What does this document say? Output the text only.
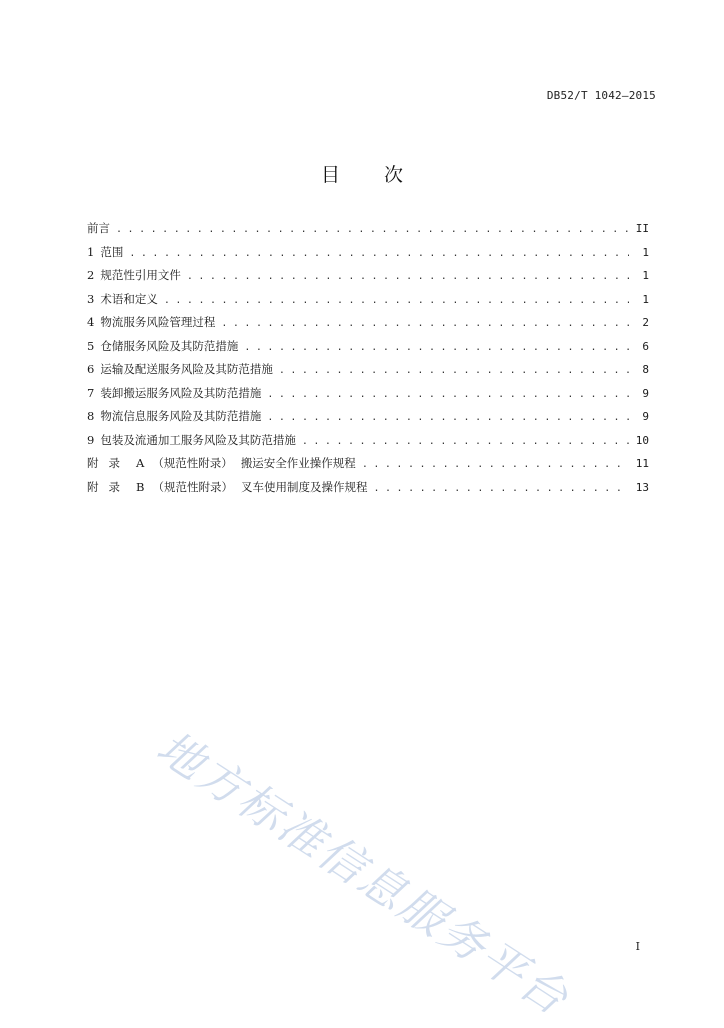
DB52/T 1042—2015
目 次
前言 . . .	II
1 范围 . . .	1
2 规范性引用文件 . . .	1
3 术语和定义 . . .	1
4 物流服务风险管理过程 . . .	2
5 仓储服务风险及其防范措施 . . .	6
6 运输及配送服务风险及其防范措施 . . .	8
7 装卸搬运服务风险及其防范措施 . . .	9
8 物流信息服务风险及其防范措施 . . .	9
9 包装及流通加工服务风险及其防范措施 . . .	10
附录 A （规范性附录） 搬运安全作业操作规程 . . .	11
附录 B （规范性附录） 叉车使用制度及操作规程 . . .	13
地方标准信息服务平台	I
